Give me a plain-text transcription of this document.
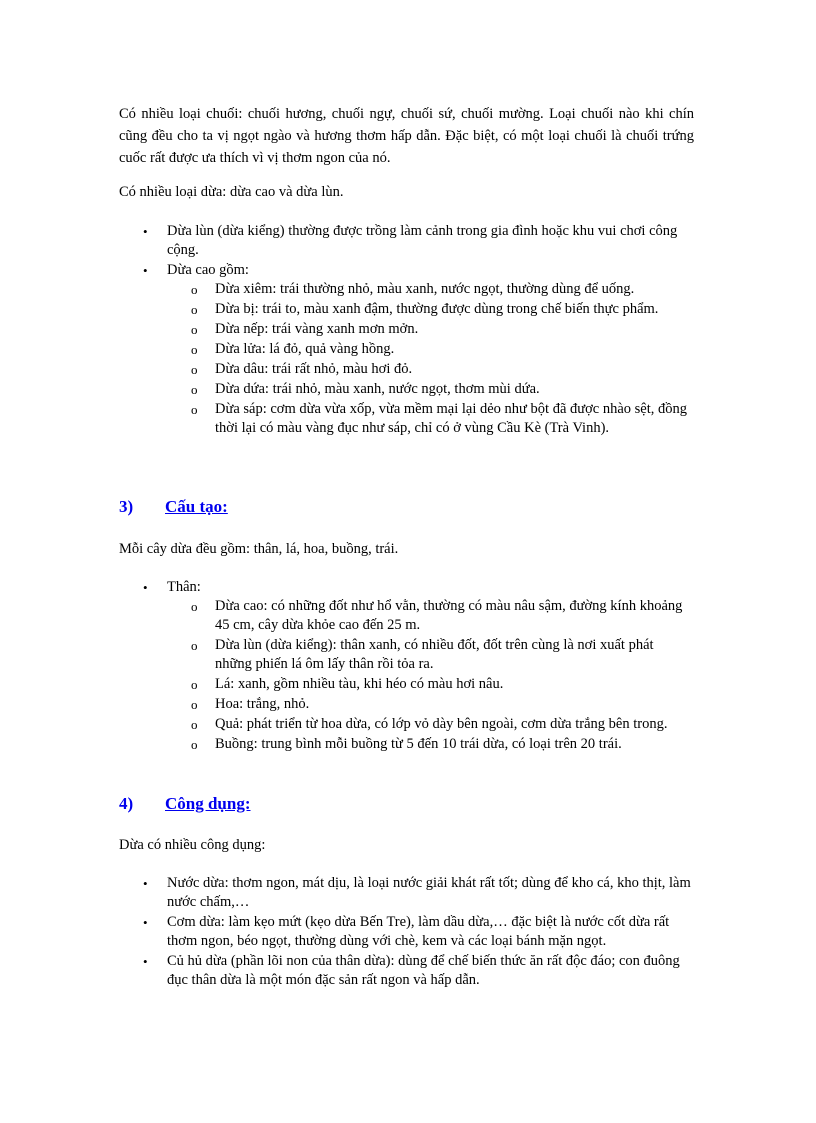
Có nhiều loại chuối: chuối hương, chuối ngự, chuối sứ, chuối mường. Loại chuối nào khi chín cũng đều cho ta vị ngọt ngào và hương thơm hấp dẫn. Đặc biệt, có một loại chuối là chuối trứng cuốc rất được ưa thích vì vị thơm ngon của nó.

Có nhiều loại dừa: dừa cao và dừa lùn.

• Dừa lùn (dừa kiểng) thường được trồng làm cảnh trong gia đình hoặc khu vui chơi công cộng.
• Dừa cao gồm:
o Dừa xiêm: trái thường nhỏ, màu xanh, nước ngọt, thường dùng để uống.
o Dừa bị: trái to, màu xanh đậm, thường được dùng trong chế biến thực phẩm.
o Dừa nếp: trái vàng xanh mơn mởn.
o Dừa lửa: lá đỏ, quả vàng hồng.
o Dừa dâu: trái rất nhỏ, màu hơi đỏ.
o Dừa dứa: trái nhỏ, màu xanh, nước ngọt, thơm mùi dứa.
o Dừa sáp: cơm dừa vừa xốp, vừa mềm mại lại dẻo như bột đã được nhào sệt, đồng thời lại có màu vàng đục như sáp, chỉ có ở vùng Cầu Kè (Trà Vinh).
3) Cấu tạo:

Mỗi cây dừa đều gồm: thân, lá, hoa, buồng, trái.

• Thân:
o Dừa cao: có những đốt như hổ vằn, thường có màu nâu sậm, đường kính khoảng 45 cm, cây dừa khỏe cao đến 25 m.
o Dừa lùn (dừa kiểng): thân xanh, có nhiều đốt, đốt trên cùng là nơi xuất phát những phiến lá ôm lấy thân rồi tỏa ra.
o Lá: xanh, gồm nhiều tàu, khi héo có màu hơi nâu.
o Hoa: trắng, nhỏ.
o Quả: phát triển từ hoa dừa, có lớp vỏ dày bên ngoài, cơm dừa trắng bên trong.
o Buồng: trung bình mỗi buồng từ 5 đến 10 trái dừa, có loại trên 20 trái.
4) Công dụng:

Dừa có nhiều công dụng:

• Nước dừa: thơm ngon, mát dịu, là loại nước giải khát rất tốt; dùng để kho cá, kho thịt, làm nước chấm,…
• Cơm dừa: làm kẹo mứt (kẹo dừa Bến Tre), làm dầu dừa,… đặc biệt là nước cốt dừa rất thơm ngon, béo ngọt, thường dùng với chè, kem và các loại bánh mặn ngọt.
• Củ hủ dừa (phần lõi non của thân dừa): dùng để chế biến thức ăn rất độc đáo; con đuông đục thân dừa là một món đặc sản rất ngon và hấp dẫn.
